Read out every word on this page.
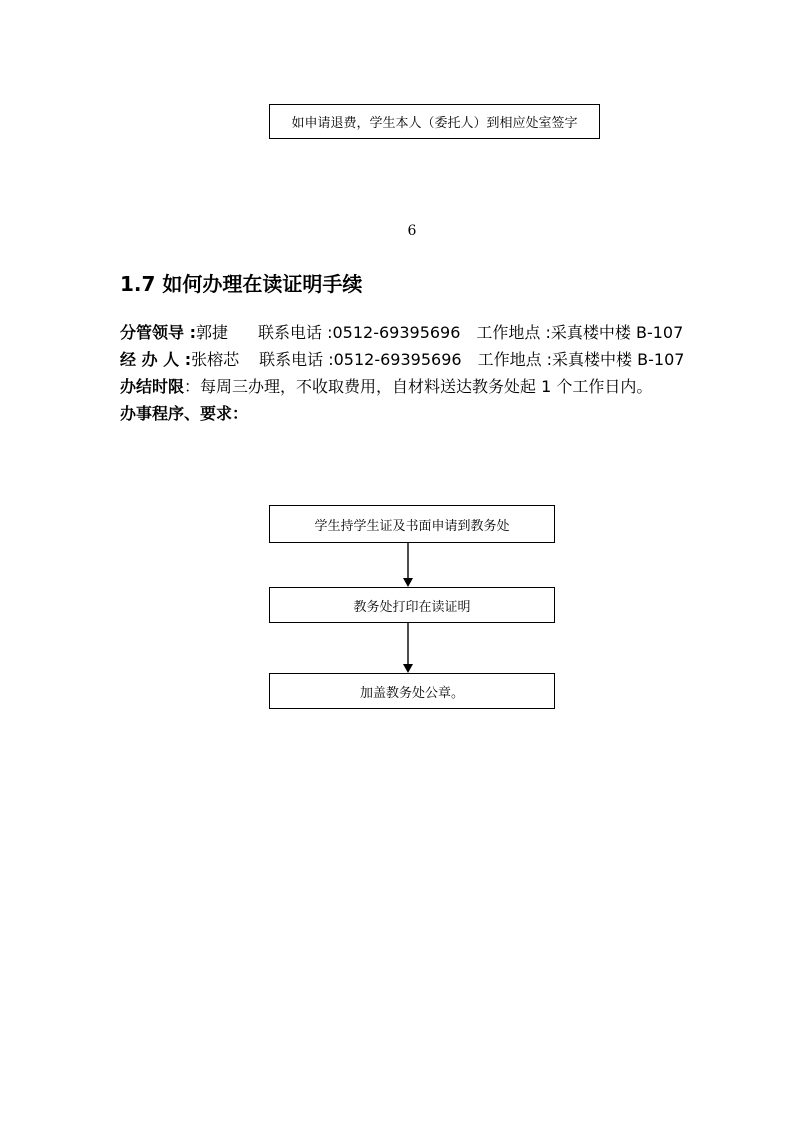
如申请退费，学生本人（委托人）到相应处室签字
6
1.7 如何办理在读证明手续
分管领导 :郭捷 联系电话 :0512-69395696 工作地点 :采真楼中楼 B-107
经 办 人 :张榕芯 联系电话 :0512-69395696 工作地点 :采真楼中楼 B-107
办结时限：每周三办理，不收取费用，自材料送达教务处起 1 个工作日内。
办事程序、要求：
学生持学生证及书面申请到教务处
教务处打印在读证明
加盖教务处公章。
